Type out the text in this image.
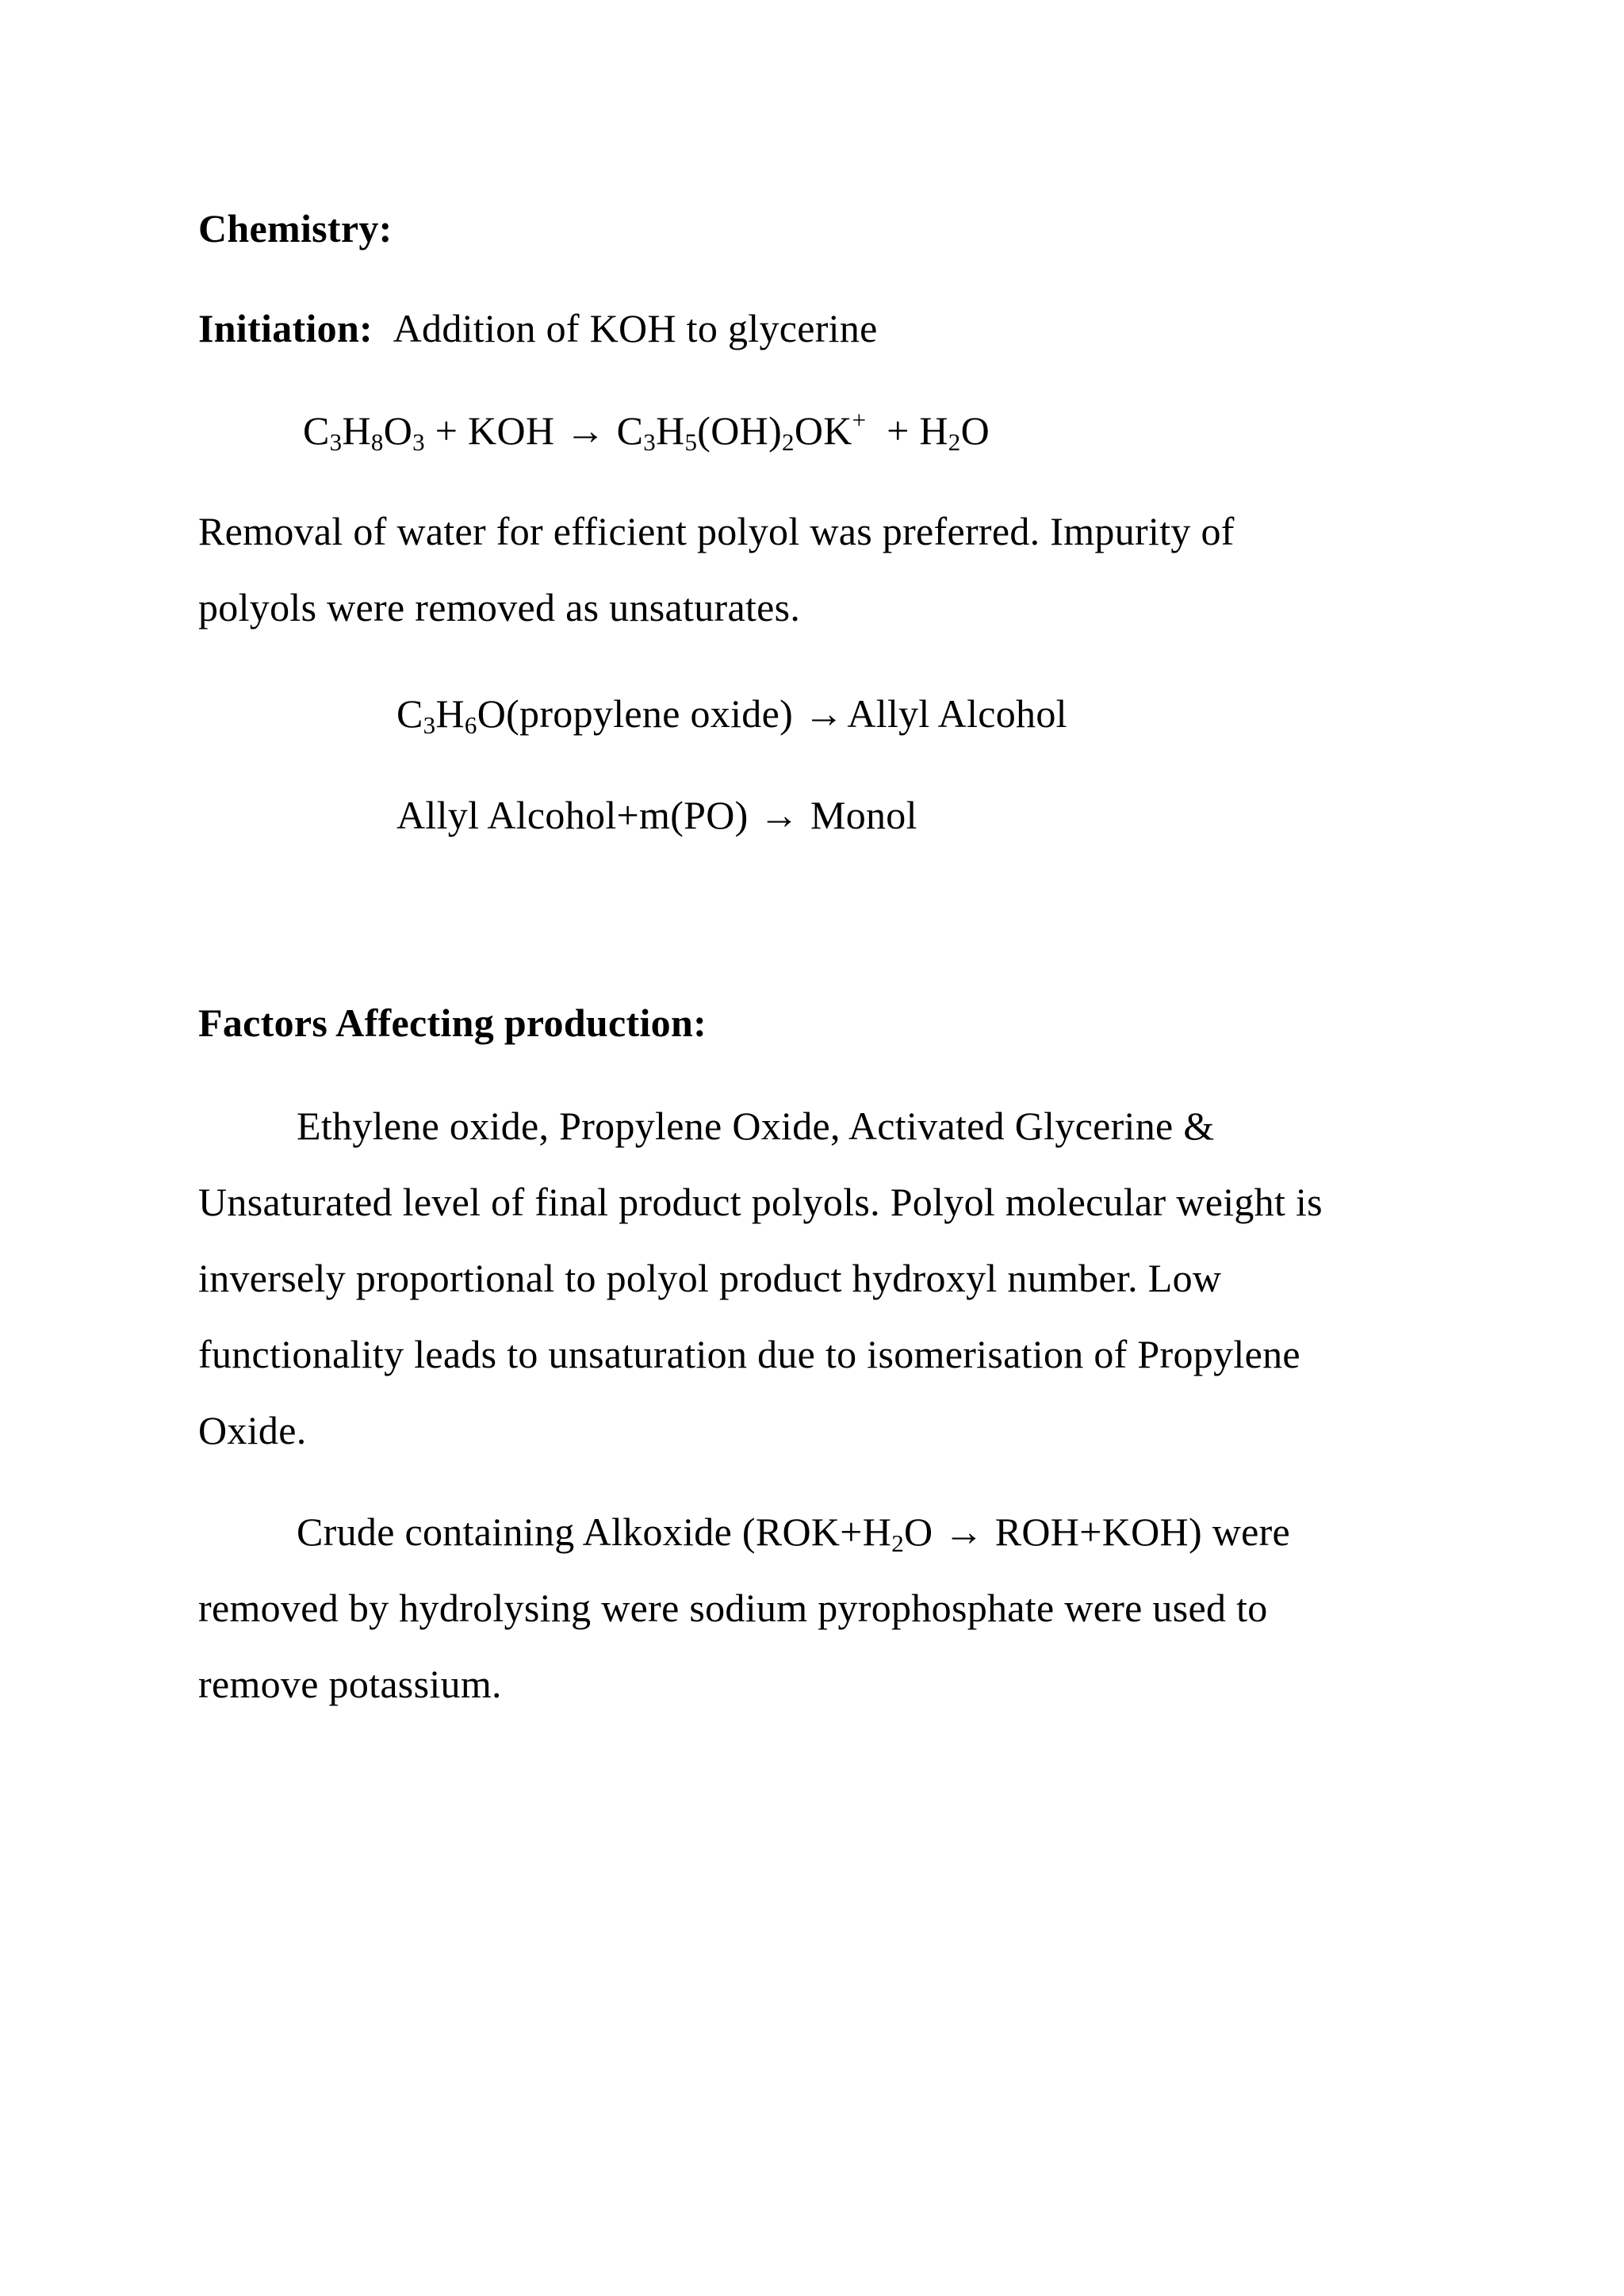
Chemistry:
Initiation: Addition of KOH to glycerine
$C_3H_8O_3$ + KOH → $C_3H_5(OH)_2OK^+ + H_2O$
Removal of water for efficient polyol was preferred. Impurity of
polyols were removed as unsaturates.
$C_3H_6O(propylene$ oxide) →Allyl Alcohol
Allyl Alcohol+m(PO) → Monol
Factors Affecting production:
Ethylene oxide, Propylene Oxide, Activated Glycerine &
Unsaturated level of final product polyols. Polyol molecular weight is
inversely proportional to polyol product hydroxyl number. Low
functionality leads to unsaturation due to isomerisation of Propylene
Oxide.
Crude containing Alkoxide $(ROK+H_2O \to ROH+KOH)$ were
removed by hydrolysing were sodium pyrophosphate were used to
remove potassium.
